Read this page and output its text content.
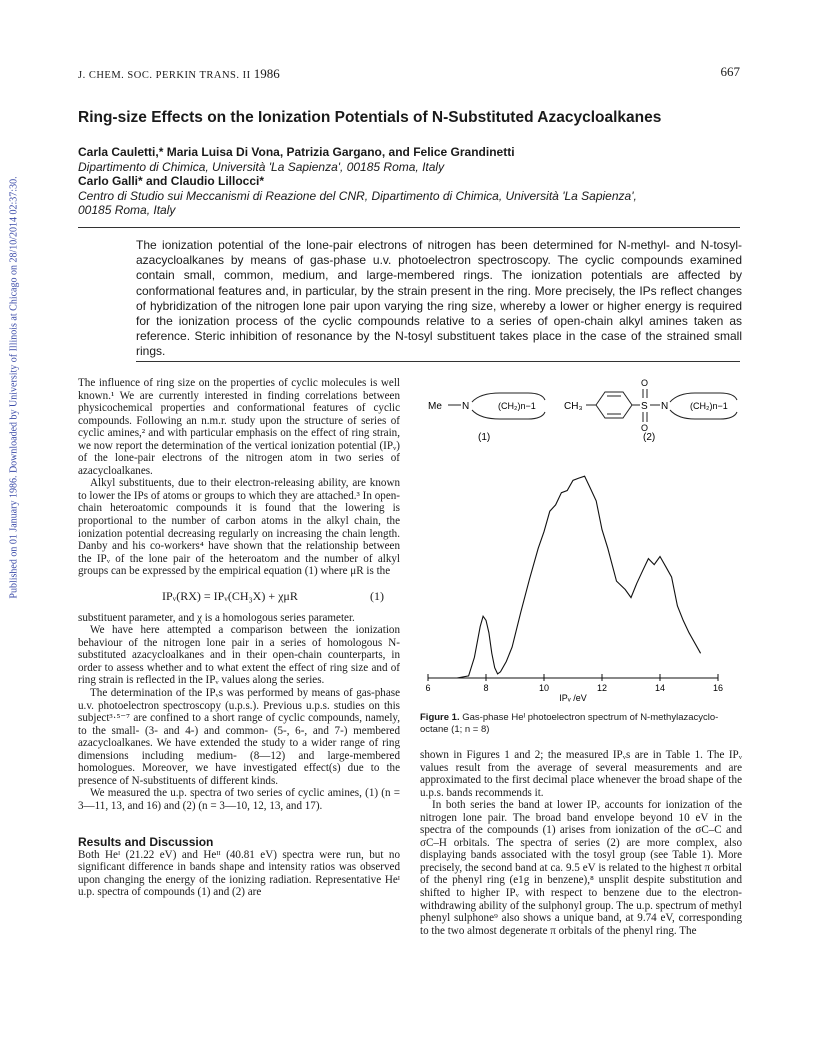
Published on 01 January 1986. Downloaded by University of Illinois at Chicago on 28/10/2014 02:37:30.
J. CHEM. SOC. PERKIN TRANS. II 1986	667
Ring-size Effects on the Ionization Potentials of N-Substituted Azacycloalkanes
Carla Cauletti,* Maria Luisa Di Vona, Patrizia Gargano, and Felice Grandinetti
Dipartimento di Chimica, Università 'La Sapienza', 00185 Roma, Italy
Carlo Galli* and Claudio Lillocci*
Centro di Studio sui Meccanismi di Reazione del CNR, Dipartimento di Chimica, Università 'La Sapienza',
00185 Roma, Italy

The ionization potential of the lone-pair electrons of nitrogen has been determined for N-methyl- and N-tosyl-azacycloalkanes by means of gas-phase u.v. photoelectron spectroscopy. The cyclic compounds examined contain small, common, medium, and large-membered rings. The ionization potentials are affected by conformational features and, in particular, by the strain present in the ring. More precisely, the IPs reflect changes of hybridization of the nitrogen lone pair upon varying the ring size, whereby a lower or higher energy is required for the ionization process of the cyclic compounds relative to a series of open-chain alkyl amines taken as reference. Steric inhibition of resonance by the N-tosyl substituent takes place in the case of the strained small rings.

The influence of ring size on the properties of cyclic molecules is well known.¹ We are currently interested in finding correlations between physicochemical properties and conformational features of cyclic compounds. Following an n.m.r. study upon the structure of series of cyclic amines,² and with particular emphasis on the effect of ring strain, we now report the determination of the vertical ionization potential (IPᵥ) of the lone-pair electrons of the nitrogen atom in two series of azacycloalkanes.

Alkyl substituents, due to their electron-releasing ability, are known to lower the IPs of atoms or groups to which they are attached.³ In open-chain heteroatomic compounds it is found that the lowering is proportional to the number of carbon atoms in the alkyl chain, the ionization potential decreasing regularly on increasing the chain length. Danby and his co-workers⁴ have shown that the relationship between the IPᵥ of the lone pair of the heteroatom and the number of alkyl groups can be expressed by the empirical equation (1) where μR is the

IPᵥ(RX) = IPᵥ(CH₃X) + χμR	(1)

substituent parameter, and χ is a homologous series parameter.

We have here attempted a comparison between the ionization behaviour of the nitrogen lone pair in a series of homologous N-substituted azacycloalkanes and in their open-chain counterparts, in order to assess whether and to what extent the effect of ring size and of ring strain is reflected in the IPᵥ values along the series.

The determination of the IPᵥs was performed by means of gas-phase u.v. photoelectron spectroscopy (u.p.s.). Previous u.p.s. studies on this subject³·⁵⁻⁷ are confined to a short range of cyclic compounds, namely, to the small- (3- and 4-) and common- (5-, 6-, and 7-) membered azacycloalkanes. We have extended the study to a wider range of ring dimensions including medium- (8—12) and large-membered homologues. Moreover, we have investigated effect(s) due to the presence of N-substituents of different kinds.

We measured the u.p. spectra of two series of cyclic amines, (1) (n = 3—11, 13, and 16) and (2) (n = 3—10, 12, 13, and 17).

Results and Discussion

Both Heᴵ (21.22 eV) and Heᴵᴵ (40.81 eV) spectra were run, but no significant difference in bands shape and intensity ratios was observed upon changing the energy of the ionizing radiation. Representative Heᴵ u.p. spectra of compounds (1) and (2) are

Me N	(CH₂)n−1
(1)
CH₃	S
O
O
N (CH₂)n−1
(2)
6	8	10	12	14	16
IPᵥ /eV
Figure 1. Gas-phase Heᴵ photoelectron spectrum of N-methylazacyclo-octane (1; n = 8)

shown in Figures 1 and 2; the measured IPᵥs are in Table 1. The IPᵥ values result from the average of several measurements and are approximated to the first decimal place whenever the broad shape of the u.p.s. bands recommends it.

In both series the band at lower IPᵥ accounts for ionization of the nitrogen lone pair. The broad band envelope beyond 10 eV in the spectra of the compounds (1) arises from ionization of the σC–C and σC–H orbitals. The spectra of series (2) are more complex, also displaying bands associated with the tosyl group (see Table 1). More precisely, the second band at ca. 9.5 eV is related to the highest π orbital of the phenyl ring (e1g in benzene),⁸ unsplit despite substitution and shifted to higher IPᵥ with respect to benzene due to the electron-withdrawing ability of the sulphonyl group. The u.p. spectrum of methyl phenyl sulphone⁹ also shows a unique band, at 9.74 eV, corresponding to the two almost degenerate π orbitals of the phenyl ring. The
